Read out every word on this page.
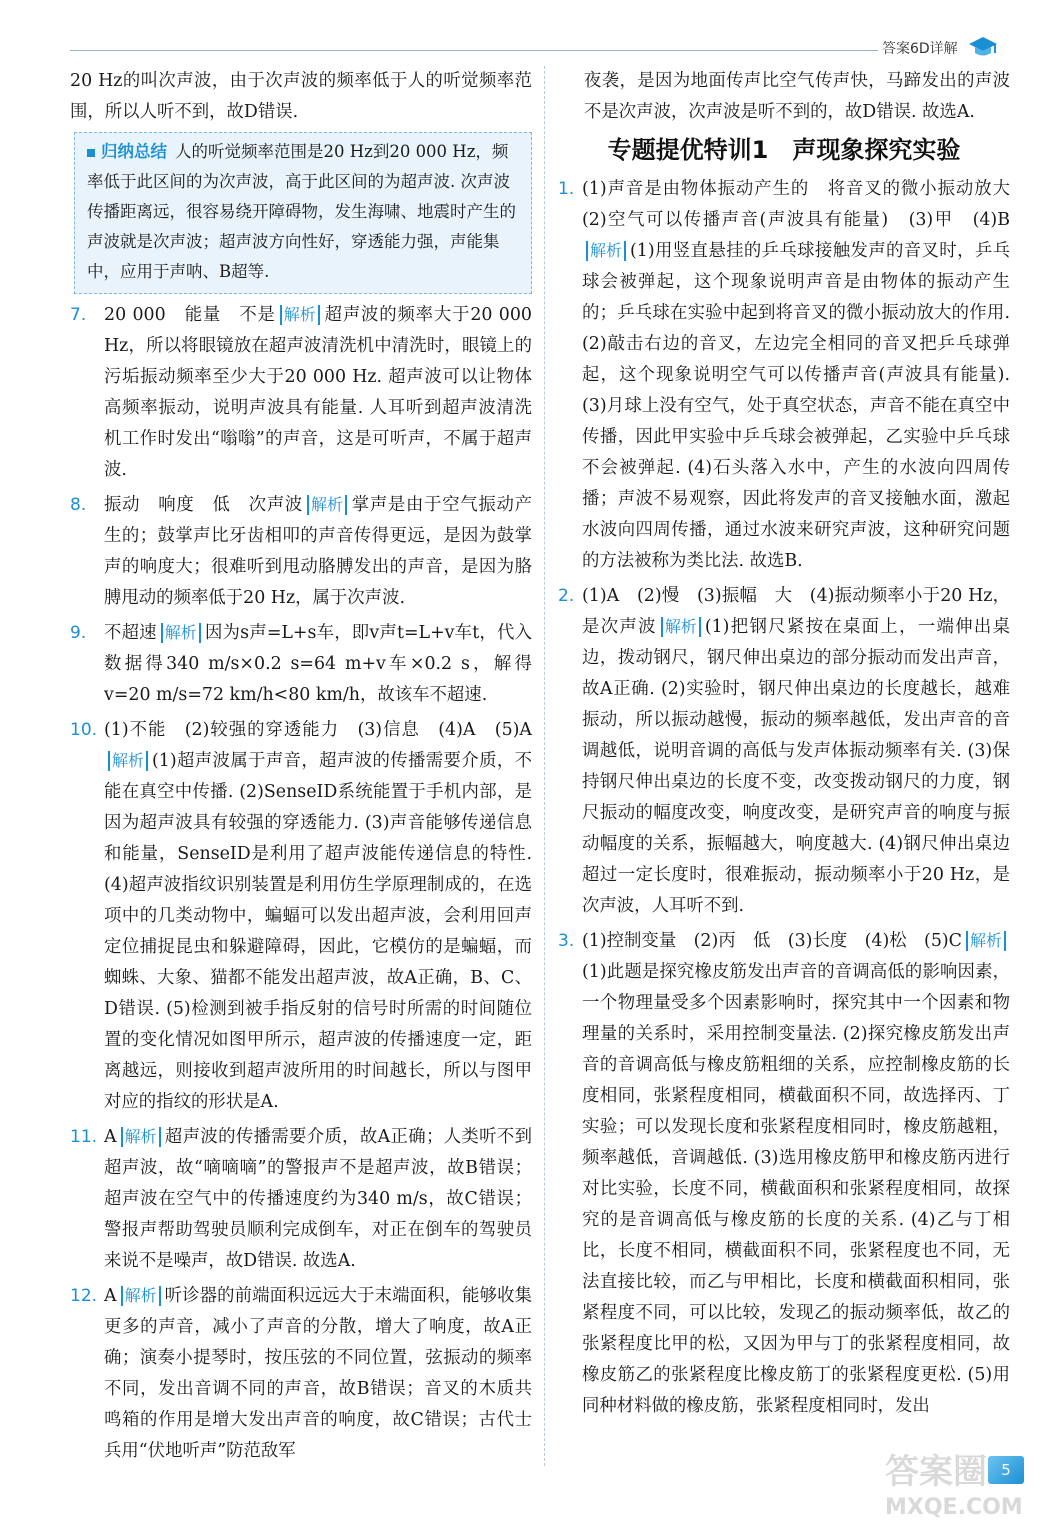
答案6D详解

20 Hz的叫次声波，由于次声波的频率低于人的听觉频率范围，所以人听不到，故D错误.

归纳总结 人的听觉频率范围是20 Hz到20 000 Hz，频率低于此区间的为次声波，高于此区间的为超声波. 次声波传播距离远，很容易绕开障碍物，发生海啸、地震时产生的声波就是次声波；超声波方向性好，穿透能力强，声能集中，应用于声呐、B超等.
7. 20 000　能量　不是 解析 超声波的频率大于20 000 Hz，所以将眼镜放在超声波清洗机中清洗时，眼镜上的污垢振动频率至少大于20 000 Hz. 超声波可以让物体高频率振动，说明声波具有能量. 人耳听到超声波清洗机工作时发出“嗡嗡”的声音，这是可听声，不属于超声波.

8. 振动　响度　低　次声波 解析 掌声是由于空气振动产生的；鼓掌声比牙齿相叩的声音传得更远，是因为鼓掌声的响度大；很难听到甩动胳膊发出的声音，是因为胳膊甩动的频率低于20 Hz，属于次声波.

9. 不超速 解析 因为s声=L+s车，即v声t=L+v车t，代入数据得340 m/s×0.2 s=64 m+v车×0.2 s，解得v=20 m/s=72 km/h<80 km/h，故该车不超速.

10. (1)不能　(2)较强的穿透能力　(3)信息　(4)A　(5)A解析 (1)超声波属于声音，超声波的传播需要介质，不能在真空中传播. (2)SenseID系统能置于手机内部，是因为超声波具有较强的穿透能力. (3)声音能够传递信息和能量，SenseID是利用了超声波能传递信息的特性. (4)超声波指纹识别装置是利用仿生学原理制成的，在选项中的几类动物中，蝙蝠可以发出超声波，会利用回声定位捕捉昆虫和躲避障碍，因此，它模仿的是蝙蝠，而蜘蛛、大象、猫都不能发出超声波，故A正确，B、C、D错误. (5)检测到被手指反射的信号时所需的时间随位置的变化情况如图甲所示，超声波的传播速度一定，距离越远，则接收到超声波所用的时间越长，所以与图甲对应的指纹的形状是A.

11. A 解析 超声波的传播需要介质，故A正确；人类听不到超声波，故“嘀嘀嘀”的警报声不是超声波，故B错误；超声波在空气中的传播速度约为340 m/s，故C错误；警报声帮助驾驶员顺利完成倒车，对正在倒车的驾驶员来说不是噪声，故D错误. 故选A.

12. A 解析 听诊器的前端面积远远大于末端面积，能够收集更多的声音，减小了声音的分散，增大了响度，故A正确；演奏小提琴时，按压弦的不同位置，弦振动的频率不同，发出音调不同的声音，故B错误；音叉的木质共鸣箱的作用是增大发出声音的响度，故C错误；古代士兵用“伏地听声”防范敌军

夜袭，是因为地面传声比空气传声快，马蹄发出的声波不是次声波，次声波是听不到的，故D错误. 故选A.

专题提优特训1　声现象探究实验
1. (1)声音是由物体振动产生的　将音叉的微小振动放大　(2)空气可以传播声音(声波具有能量)　(3)甲　(4)B解析 (1)用竖直悬挂的乒乓球接触发声的音叉时，乒乓球会被弹起，这个现象说明声音是由物体的振动产生的；乒乓球在实验中起到将音叉的微小振动放大的作用. (2)敲击右边的音叉，左边完全相同的音叉把乒乓球弹起，这个现象说明空气可以传播声音(声波具有能量). (3)月球上没有空气，处于真空状态，声音不能在真空中传播，因此甲实验中乒乓球会被弹起，乙实验中乒乓球不会被弹起. (4)石头落入水中，产生的水波向四周传播；声波不易观察，因此将发声的音叉接触水面，激起水波向四周传播，通过水波来研究声波，这种研究问题的方法被称为类比法. 故选B.

2. (1)A　(2)慢　(3)振幅　大　(4)振动频率小于20 Hz，是次声波 解析 (1)把钢尺紧按在桌面上，一端伸出桌边，拨动钢尺，钢尺伸出桌边的部分振动而发出声音，故A正确. (2)实验时，钢尺伸出桌边的长度越长，越难振动，所以振动越慢，振动的频率越低，发出声音的音调越低，说明音调的高低与发声体振动频率有关. (3)保持钢尺伸出桌边的长度不变，改变拨动钢尺的力度，钢尺振动的幅度改变，响度改变，是研究声音的响度与振动幅度的关系，振幅越大，响度越大. (4)钢尺伸出桌边超过一定长度时，很难振动，振动频率小于20 Hz，是次声波，人耳听不到.

3. (1)控制变量　(2)丙　低　(3)长度　(4)松　(5)C 解析(1)此题是探究橡皮筋发出声音的音调高低的影响因素，一个物理量受多个因素影响时，探究其中一个因素和物理量的关系时，采用控制变量法. (2)探究橡皮筋发出声音的音调高低与橡皮筋粗细的关系，应控制橡皮筋的长度相同，张紧程度相同，横截面积不同，故选择丙、丁实验；可以发现长度和张紧程度相同时，橡皮筋越粗，频率越低，音调越低. (3)选用橡皮筋甲和橡皮筋丙进行对比实验，长度不同，横截面积和张紧程度相同，故探究的是音调高低与橡皮筋的长度的关系. (4)乙与丁相比，长度不相同，横截面积不同，张紧程度也不同，无法直接比较，而乙与甲相比，长度和横截面积相同，张紧程度不同，可以比较，发现乙的振动频率低，故乙的张紧程度比甲的松，又因为甲与丁的张紧程度相同，故橡皮筋乙的张紧程度比橡皮筋丁的张紧程度更松. (5)用同种材料做的橡皮筋，张紧程度相同时，发出

答案圈
MXQE.COM
5
